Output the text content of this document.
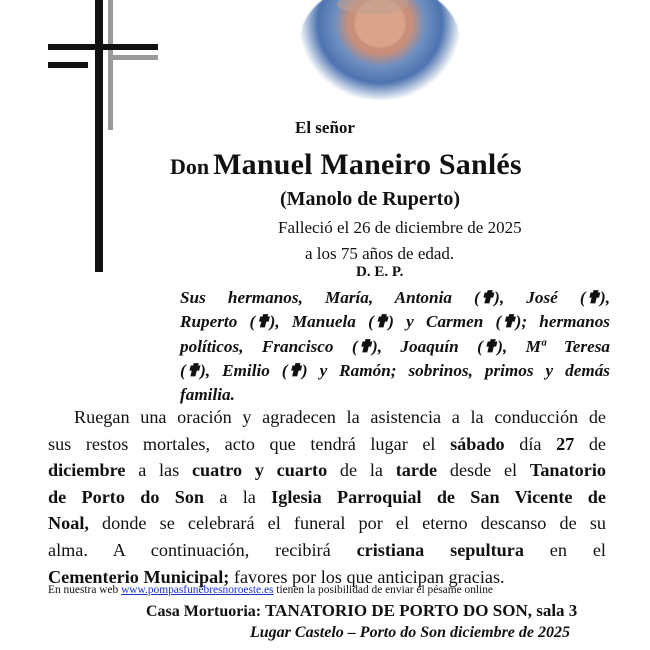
El señor
Don Manuel Maneiro Sanlés
(Manolo de Ruperto)
Falleció el 26 de diciembre de 2025
a los 75 años de edad.
D. E. P.
Sus hermanos, María, Antonia (✟), José (✟),
Ruperto (✟), Manuela (✟) y Carmen (✟); hermanos
políticos, Francisco (✟), Joaquín (✟), Mª Teresa
(✟), Emilio (✟) y Ramón; sobrinos, primos y demás
familia.
Ruegan una oración y agradecen la asistencia a la conducción de
sus restos mortales, acto que tendrá lugar el sábado día 27 de
diciembre a las cuatro y cuarto de la tarde desde el Tanatorio
de Porto do Son a la Iglesia Parroquial de San Vicente de
Noal, donde se celebrará el funeral por el eterno descanso de su
alma. A continuación, recibirá cristiana sepultura en el
Cementerio Municipal; favores por los que anticipan gracias.
En nuestra web www.pompasfunebresnoroeste.es tienen la posibilidad de enviar el pésame online
Casa Mortuoria: TANATORIO DE PORTO DO SON, sala 3
Lugar Castelo – Porto do Son diciembre de 2025
